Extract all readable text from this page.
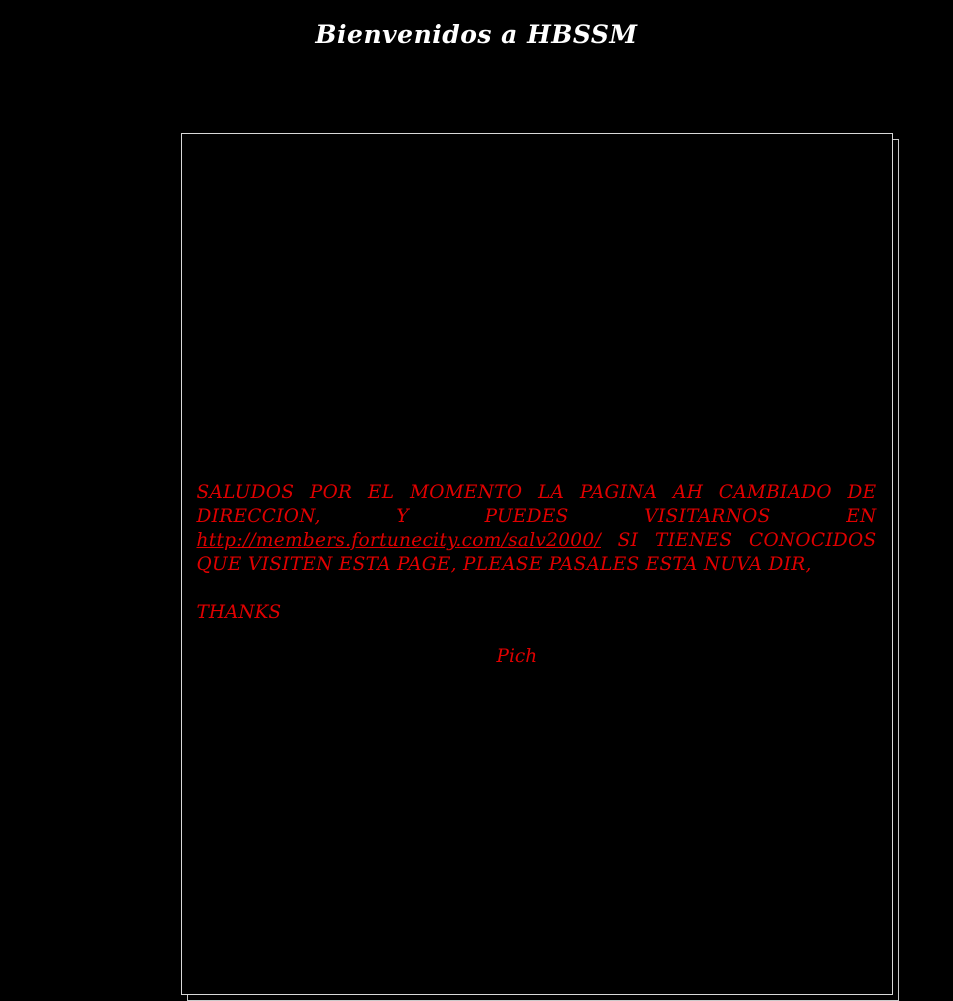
Bienvenidos a HBSSM

SALUDOS POR EL MOMENTO LA PAGINA AH CAMBIADO DE DIRECCION, Y PUEDES VISITARNOS EN http://members.fortunecity.com/salv2000/ SI TIENES CONOCIDOS QUE VISITEN ESTA PAGE, PLEASE PASALES ESTA NUVA DIR,

THANKS

Pich
